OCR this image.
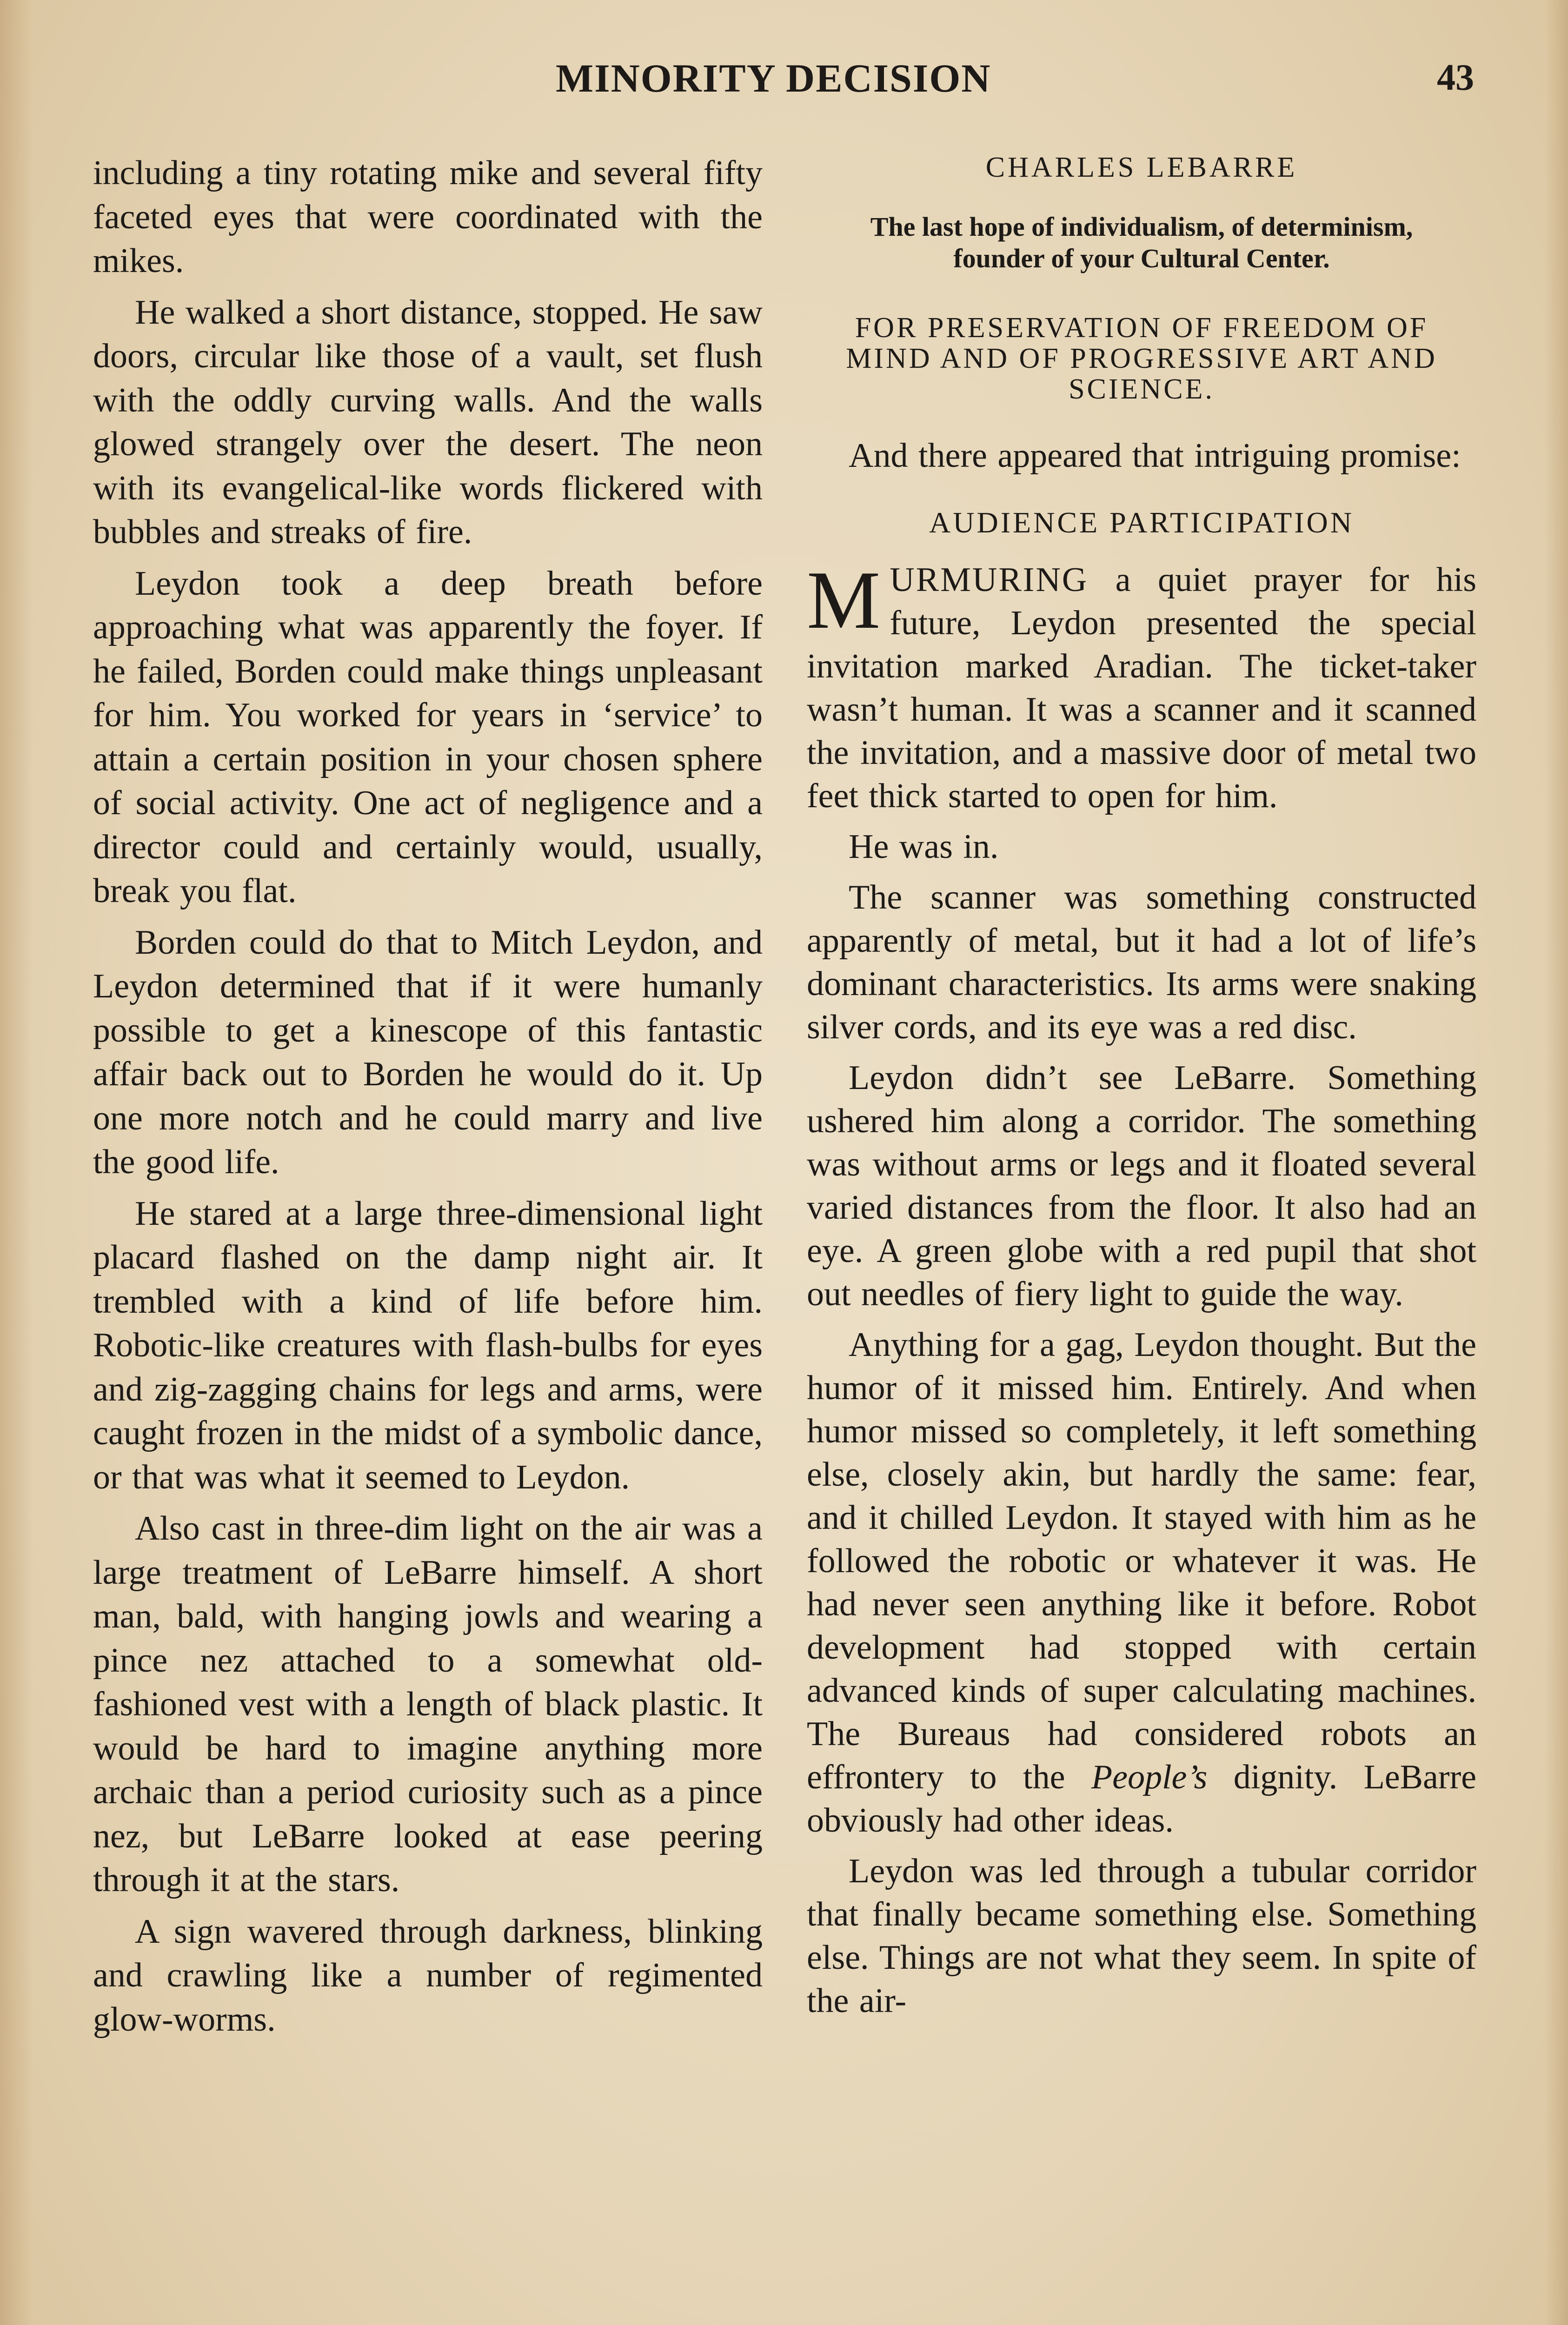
MINORITY DECISION	43

including a tiny rotating mike and several fifty faceted eyes that were coordinated with the mikes.

He walked a short distance, stopped. He saw doors, circular like those of a vault, set flush with the oddly curving walls. And the walls glowed strangely over the desert. The neon with its evangelical-like words flickered with bubbles and streaks of fire.

Leydon took a deep breath before approaching what was apparently the foyer. If he failed, Borden could make things unpleasant for him. You worked for years in ‘service’ to attain a certain position in your chosen sphere of social activity. One act of negligence and a director could and certainly would, usually, break you flat.

Borden could do that to Mitch Leydon, and Leydon determined that if it were humanly possible to get a kinescope of this fantastic affair back out to Borden he would do it. Up one more notch and he could marry and live the good life.

He stared at a large three-dimensional light placard flashed on the damp night air. It trembled with a kind of life before him. Robotic-like creatures with flash-bulbs for eyes and zig-zagging chains for legs and arms, were caught frozen in the midst of a symbolic dance, or that was what it seemed to Leydon.

Also cast in three-dim light on the air was a large treatment of LeBarre himself. A short man, bald, with hanging jowls and wearing a pince nez attached to a somewhat old-fashioned vest with a length of black plastic. It would be hard to imagine anything more archaic than a period curiosity such as a pince nez, but LeBarre looked at ease peering through it at the stars.

A sign wavered through darkness, blinking and crawling like a number of regimented glow-worms.

CHARLES LEBARRE
The last hope of individualism, of determinism, founder of your Cultural Center.
FOR PRESERVATION OF FREEDOM OF MIND AND OF PROGRESSIVE ART AND SCIENCE.

And there appeared that intriguing promise:

AUDIENCE PARTICIPATION

MURMURING a quiet prayer for his future, Leydon presented the special invitation marked Aradian. The ticket-taker wasn’t human. It was a scanner and it scanned the invitation, and a massive door of metal two feet thick started to open for him.

He was in.

The scanner was something constructed apparently of metal, but it had a lot of life’s dominant characteristics. Its arms were snaking silver cords, and its eye was a red disc.

Leydon didn’t see LeBarre. Something ushered him along a corridor. The something was without arms or legs and it floated several varied distances from the floor. It also had an eye. A green globe with a red pupil that shot out needles of fiery light to guide the way.

Anything for a gag, Leydon thought. But the humor of it missed him. Entirely. And when humor missed so completely, it left something else, closely akin, but hardly the same: fear, and it chilled Leydon. It stayed with him as he followed the robotic or whatever it was. He had never seen anything like it before. Robot development had stopped with certain advanced kinds of super calculating machines. The Bureaus had considered robots an effrontery to the People’s dignity. LeBarre obviously had other ideas.

Leydon was led through a tubular corridor that finally became something else. Something else. Things are not what they seem. In spite of the air-
